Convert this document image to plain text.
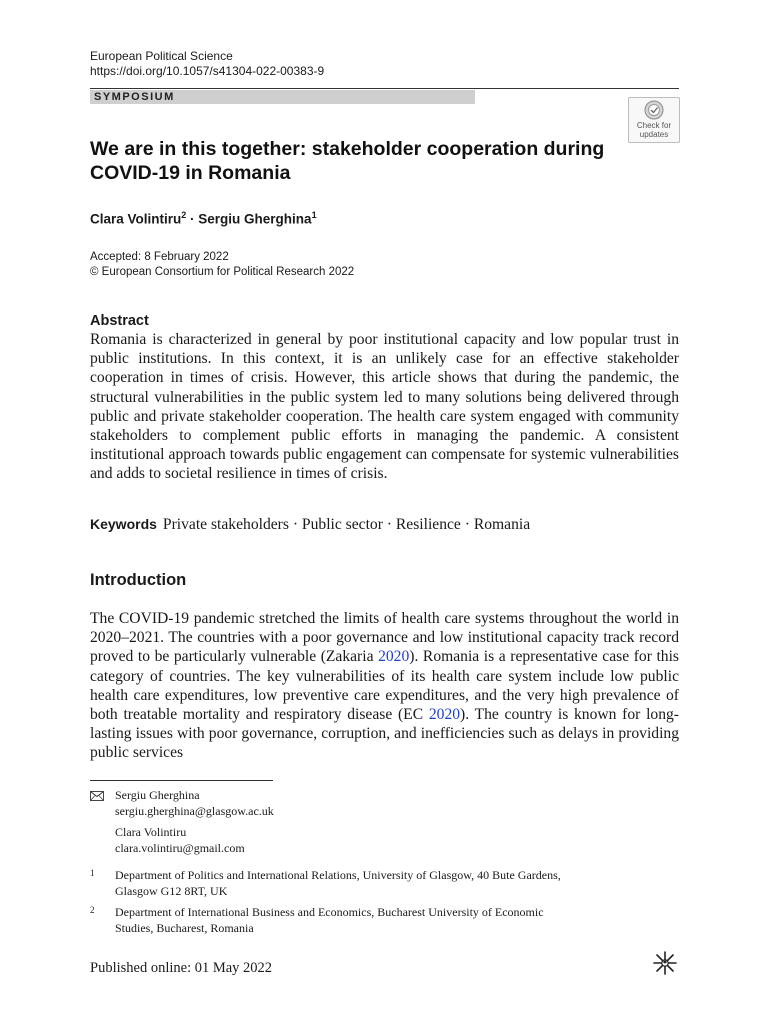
European Political Science
https://doi.org/10.1057/s41304-022-00383-9
SYMPOSIUM
Check for
updates
We are in this together: stakeholder cooperation during COVID-19 in Romania
Clara Volintiru$^2$ · Sergiu Gherghina$^1$
Accepted: 8 February 2022
© European Consortium for Political Research 2022
Abstract
Romania is characterized in general by poor institutional capacity and low popular trust in public institutions. In this context, it is an unlikely case for an effective stakeholder cooperation in times of crisis. However, this article shows that during the pandemic, the structural vulnerabilities in the public system led to many solutions being delivered through public and private stakeholder cooperation. The health care system engaged with community stakeholders to complement public efforts in managing the pandemic. A consistent institutional approach towards public engagement can compensate for systemic vulnerabilities and adds to societal resilience in times of crisis.
Keywords Private stakeholders · Public sector · Resilience · Romania
Introduction
The COVID-19 pandemic stretched the limits of health care systems throughout the world in 2020–2021. The countries with a poor governance and low institutional capacity track record proved to be particularly vulnerable (Zakaria 2020). Romania is a representative case for this category of countries. The key vulnerabilities of its health care system include low public health care expenditures, low preventive care expenditures, and the very high prevalence of both treatable mortality and respiratory disease (EC 2020). The country is known for long-lasting issues with poor governance, corruption, and inefficiencies such as delays in providing public services
Sergiu Gherghina
sergiu.gherghina@glasgow.ac.uk
Clara Volintiru
clara.volintiru@gmail.com
1 Department of Politics and International Relations, University of Glasgow, 40 Bute Gardens,
Glasgow G12 8RT, UK
2 Department of International Business and Economics, Bucharest University of Economic
Studies, Bucharest, Romania
Published online: 01 May 2022
